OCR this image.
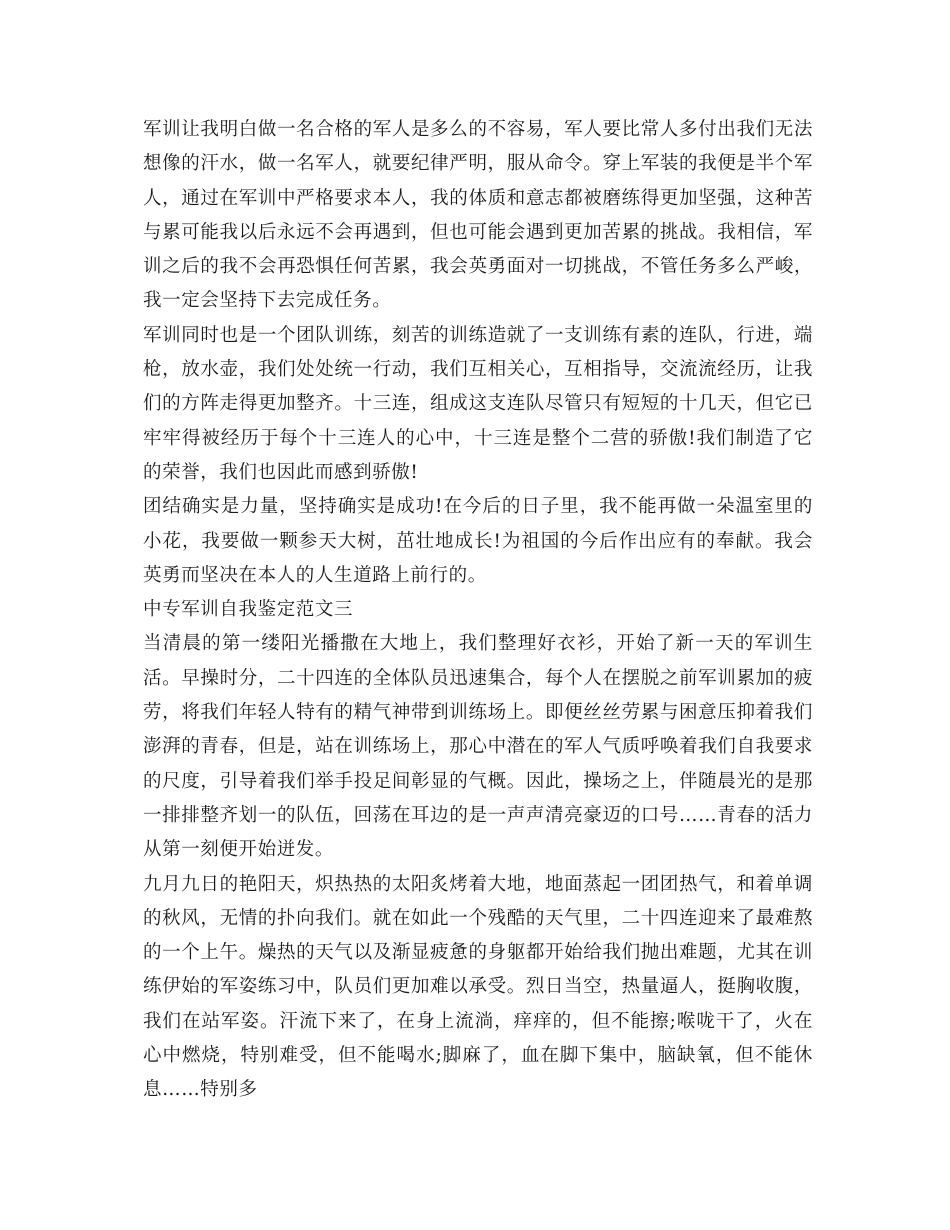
军训让我明白做一名合格的军人是多么的不容易，军人要比常人多付出我们无法想像的汗水，做一名军人，就要纪律严明，服从命令。穿上军装的我便是半个军人，通过在军训中严格要求本人，我的体质和意志都被磨练得更加坚强，这种苦与累可能我以后永远不会再遇到，但也可能会遇到更加苦累的挑战。我相信，军训之后的我不会再恐惧任何苦累，我会英勇面对一切挑战，不管任务多么严峻，我一定会坚持下去完成任务。

军训同时也是一个团队训练，刻苦的训练造就了一支训练有素的连队，行进，端枪，放水壶，我们处处统一行动，我们互相关心，互相指导，交流流经历，让我们的方阵走得更加整齐。十三连，组成这支连队尽管只有短短的十几天，但它已牢牢得被经历于每个十三连人的心中，十三连是整个二营的骄傲!我们制造了它的荣誉，我们也因此而感到骄傲!

团结确实是力量，坚持确实是成功!在今后的日子里，我不能再做一朵温室里的小花，我要做一颗参天大树，茁壮地成长!为祖国的今后作出应有的奉献。我会英勇而坚决在本人的人生道路上前行的。

中专军训自我鉴定范文三

当清晨的第一缕阳光播撒在大地上，我们整理好衣衫，开始了新一天的军训生活。早操时分，二十四连的全体队员迅速集合，每个人在摆脱之前军训累加的疲劳，将我们年轻人特有的精气神带到训练场上。即便丝丝劳累与困意压抑着我们澎湃的青春，但是，站在训练场上，那心中潜在的军人气质呼唤着我们自我要求的尺度，引导着我们举手投足间彰显的气概。因此，操场之上，伴随晨光的是那一排排整齐划一的队伍，回荡在耳边的是一声声清亮豪迈的口号……青春的活力从第一刻便开始迸发。

九月九日的艳阳天，炽热热的太阳炙烤着大地，地面蒸起一团团热气，和着单调的秋风，无情的扑向我们。就在如此一个残酷的天气里，二十四连迎来了最难熬的一个上午。燥热的天气以及渐显疲惫的身躯都开始给我们抛出难题，尤其在训练伊始的军姿练习中，队员们更加难以承受。烈日当空，热量逼人，挺胸收腹，我们在站军姿。汗流下来了，在身上流淌，痒痒的，但不能擦;喉咙干了，火在心中燃烧，特别难受，但不能喝水;脚麻了，血在脚下集中，脑缺氧，但不能休息……特别多
